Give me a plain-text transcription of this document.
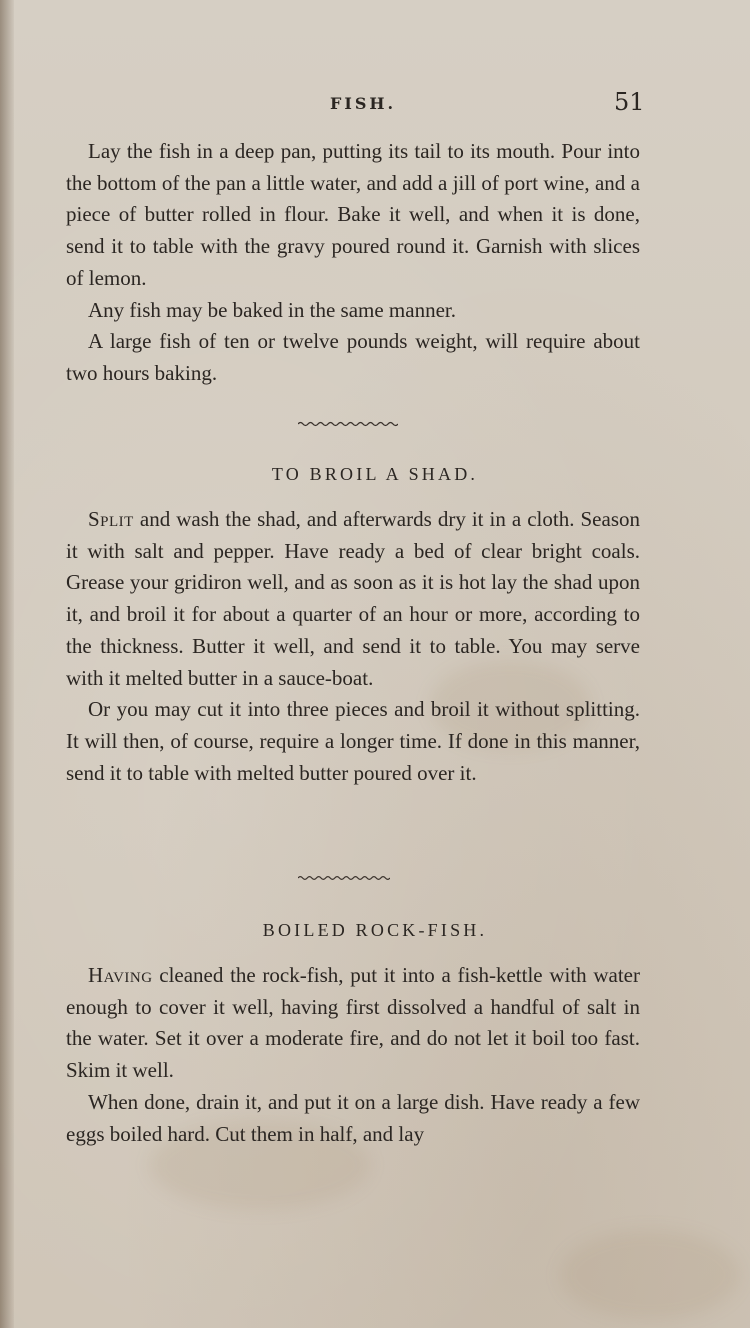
FISH.	51

Lay the fish in a deep pan, putting its tail to its mouth. Pour into the bottom of the pan a little water, and add a jill of port wine, and a piece of butter rolled in flour. Bake it well, and when it is done, send it to table with the gravy poured round it. Garnish with slices of lemon.

Any fish may be baked in the same manner.

A large fish of ten or twelve pounds weight, will require about two hours baking.

TO BROIL A SHAD.

Split and wash the shad, and afterwards dry it in a cloth. Season it with salt and pepper. Have ready a bed of clear bright coals. Grease your gridiron well, and as soon as it is hot lay the shad upon it, and broil it for about a quarter of an hour or more, according to the thickness. Butter it well, and send it to table. You may serve with it melted butter in a sauce-boat.

Or you may cut it into three pieces and broil it without splitting. It will then, of course, require a longer time. If done in this manner, send it to table with melted butter poured over it.

BOILED ROCK-FISH.

Having cleaned the rock-fish, put it into a fish-kettle with water enough to cover it well, having first dissolved a handful of salt in the water. Set it over a moderate fire, and do not let it boil too fast. Skim it well.

When done, drain it, and put it on a large dish. Have ready a few eggs boiled hard. Cut them in half, and lay
